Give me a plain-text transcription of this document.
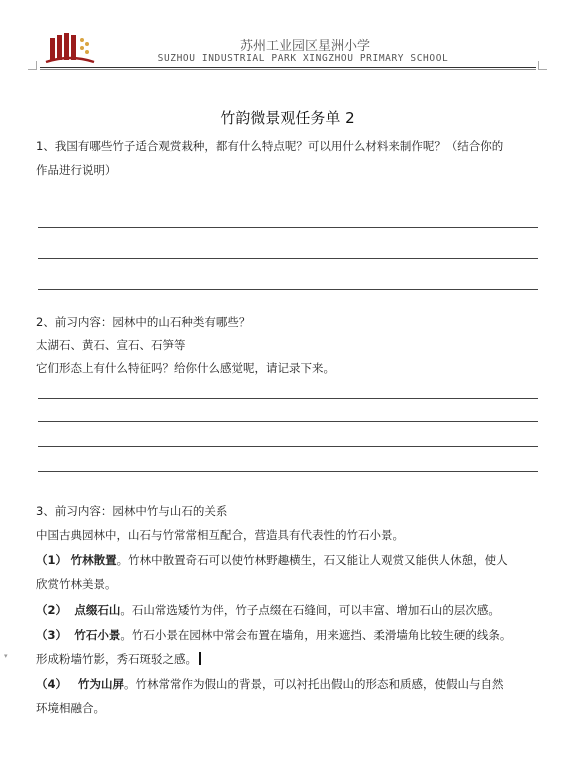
苏州工业园区星洲小学
SUZHOU INDUSTRIAL PARK XINGZHOU PRIMARY SCHOOL
竹韵微景观任务单 2
1、我国有哪些竹子适合观赏栽种，都有什么特点呢？可以用什么材料来制作呢？（结合你的
作品进行说明）
2、前习内容：园林中的山石种类有哪些？
太湖石、黄石、宣石、石笋等
它们形态上有什么特征吗？给你什么感觉呢，请记录下来。
3、前习内容：园林中竹与山石的关系
中国古典园林中，山石与竹常常相互配合，营造具有代表性的竹石小景。
（1） 竹林散置。竹林中散置奇石可以使竹林野趣横生，石又能让人观赏又能供人休憩，使人
欣赏竹林美景。
（2） 点缀石山。石山常选矮竹为伴，竹子点缀在石缝间，可以丰富、增加石山的层次感。
（3） 竹石小景。竹石小景在园林中常会布置在墙角，用来遮挡、柔滑墙角比较生硬的线条。
形成粉墙竹影，秀石斑驳之感。
（4） 竹为山屏。竹林常常作为假山的背景，可以衬托出假山的形态和质感，使假山与自然
环境相融合。
▾
